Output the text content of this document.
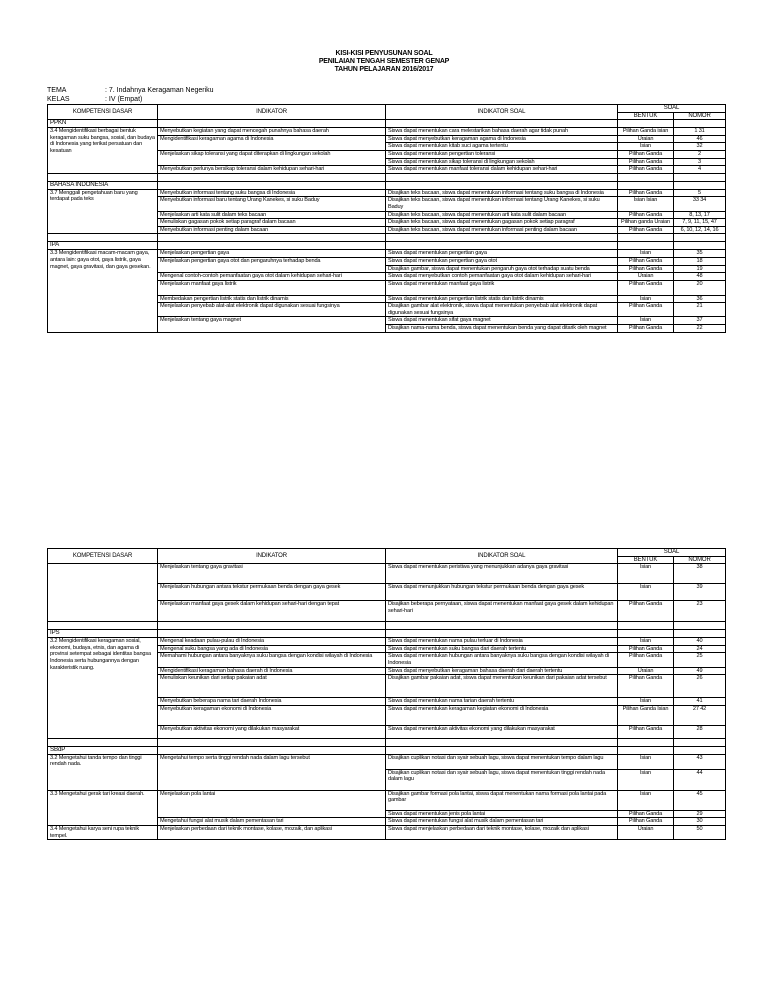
KISI-KISI PENYUSUNAN SOAL
PENILAIAN TENGAH SEMESTER GENAP
TAHUN PELAJARAN 2016/2017
TEMA	: 7. Indahnya Keragaman Negeriku
KELAS	: IV (Empat)
KOMPETENSI DASAR	INDIKATOR	INDIKATOR SOAL	SOAL	
			BENTUK	NOMOR
PPKN				
3.4 Mengidentifikasi berbagai bentuk keragaman suku bangsa, sosial, dan budaya di Indonesia yang terikat persatuan dan kesatuan	Menyebutkan kegiatan yang dapat mencegah punahnya bahasa daerah	Siswa dapat menentukan cara melestarikan bahasa daerah agar tidak punah	Pilihan Ganda isian	1 31
	Mengidentifikasi keragaman agama di Indonesia	Siswa dapat menyebutkan keragaman agama di Indonesia	Uraian	46
		Siswa dapat menentukan kitab suci agama tertentu	Isian	32
	Menjelaskan sikap toleransi yang dapat diterapkan di lingkungan sekolah	Siswa dapat menentukan pengertian toleransi	Pilihan Ganda	2
		Siswa dapat menentukan sikap toleransi di lingkungan sekolah	Pilihan Ganda	3
	Menyebutkan perlunya bersikap toleransi dalam kehidupan sehari-hari	Siswa dapat menentukan manfaat toleransi dalam kehidupan sehari-hari	Pilihan Ganda	4

BAHASA INDONESIA				
3.7 Menggali pengetahuan baru yang terdapat pada teks	Menyebutkan informasi tentang suku bangsa di Indonesia	Disajikan teks bacaan, siswa dapat menentukan informasi tentang suku bangsa di Indonesia	Pilihan Ganda	5
	Menyebutkan informasi baru tentang Urang Kanekes, si suku Baduy	Disajikan teks bacaan, siswa dapat menentukan informasi tentang Urang Kanekes, si suku Baduy	Isian Isian	33 34
	Menjelaskan arti kata sulit dalam teks bacaan	Disajikan teks bacaan, siswa dapat menentukan arti kata sulit dalam bacaan	Pilihan Ganda	8, 13, 17
	Menuliskan gagasan pokok setiap paragraf dalam bacaan	Disajikan teks bacaan, siswa dapat menentukan gagasan pokok setiap paragraf	Pilihan ganda Uraian	7, 9, 11, 15, 47
	Menyebutkan informasi penting dalam bacaan	Disajikan teks bacaan, siswa dapat menentukan informasi penting dalam bacaan	Pilihan Ganda	6, 10, 12, 14, 16

IPA				
3.3 Mengidentifikasi macam-macam gaya, antara lain: gaya otot, gaya listrik, gaya magnet, gaya gravitasi, dan gaya gesekan.	Menjelaskan pengertian gaya	Siswa dapat menentukan pengertian gaya	Isian	35
	Menjelaskan pengertian gaya otot dan pengaruhnya terhadap benda	Siswa dapat menentukan pengertian gaya otot	Pilihan Ganda	18
		Disajikan gambar, siswa dapat menentukan pengaruh gaya otot terhadap suatu benda	Pilihan Ganda	19
	Mengenal contoh-contoh pemanfaatan gaya otot dalam kehidupan sehari-hari	Siswa dapat menyebutkan contoh pemanfaatan gaya otot dalam kehidupan sehari-hari	Uraian	48
	Menjelaskan manfaat gaya listrik	Siswa dapat menentukan manfaat gaya listrik	Pilihan Ganda	20
	Membedakan pengertian listrik statis dan listrik dinamis	Siswa dapat menentukan pengertian listrik statis dan listrik dinamis	Isian	36
	Menjelaskan penyebab alat-alat elektronik dapat digunakan sesuai fungsinya	Disajikan gambar alat elektronik, siswa dapat menentukan penyebab alat elektronik dapat digunakan sesuai fungsinya	Pilihan Ganda	21
	Menjelaskan tentang gaya magnet	Siswa dapat menentukan sifat gaya magnet	Isian	37
		Disajikan nama-nama benda, siswa dapat menentukan benda yang dapat ditarik oleh magnet	Pilihan Ganda	22
KOMPETENSI DASAR	INDIKATOR	INDIKATOR SOAL	SOAL	
			BENTUK	NOMOR
	Menjelaskan tentang gaya gravitasi	Siswa dapat menentukan peristiwa yang menunjukkan adanya gaya gravitasi	Isian	38
	Menjelaskan hubungan antara tekstur permukaan benda dengan gaya gesek	Siswa dapat menunjukkan hubungan tekstur permukaan benda dengan gaya gesek	Isian	39
	Menjelaskan manfaat gaya gesek dalam kehidupan sehari-hari dengan tepat	Disajikan beberapa pernyataan, siswa dapat menentukan manfaat gaya gesek dalam kehidupan sehari-hari	Pilihan Ganda	23

IPS				
3.2 Mengidentifikasi keragaman sosial, ekonomi, budaya, etnis, dan agama di provinsi setempat sebagai identitas bangsa Indonesia serta hubungannya dengan karakteristik ruang.	Mengenal keadaan pulau-pulau di Indonesia	Siswa dapat menentukan nama pulau terluar di Indonesia	Isian	40
	Mengenal suku bangsa yang ada di Indonesia	Siswa dapat menentukan suku bangsa dari daerah tertentu	Pilihan Ganda	24
	Memahami hubungan antara banyaknya suku bangsa dengan kondisi wilayah di Indonesia	Siswa dapat menentukan hubungan antara banyaknya suku bangsa dengan kondisi wilayah di Indonesia	Pilihan Ganda	25
	Mengidentifikasi keragaman bahasa daerah di Indonesia	Siswa dapat menyebutkan keragaman bahasa daerah dari daerah tertentu	Uraian	49
	Menuliskan keunikan dari setiap pakaian adat	Disajikan gambar pakaian adat, siswa dapat menentukan keunikan dari pakaian adat tersebut	Pilihan Ganda	26
	Menyebutkan beberapa nama tari daerah Indonesia	Siswa dapat menentukan nama tarian daerah tertentu	Isian	41
	Menyebutkan keragaman ekonomi di Indonesia	Siswa dapat menentukan keragaman kegiatan ekonomi di Indonesia	Pilihan Ganda Isian	27 42
	Menyebutkan aktivitas ekonomi yang dilakukan masyarakat	Siswa dapat menentukan aktivitas ekonomi yang dilakukan masyarakat	Pilihan Ganda	28

SBdP				
3.2 Mengetahui tanda tempo dan tinggi rendah nada.	Mengetahui tempo serta tinggi rendah nada dalam lagu tersebut	Disajikan cuplikan notasi dan syair sebuah lagu, siswa dapat menentukan tempo dalam lagu	Isian	43
		Disajikan cuplikan notasi dan syair sebuah lagu, siswa dapat menentukan tinggi rendah nada dalam lagu	Isian	44
3.3 Mengetahui gerak tari kreasi daerah.	Menjelaskan pola lantai	Disajikan gambar formasi pola lantai, siswa dapat menentukan nama formasi pola lantai pada gambar	Isian	45
		Siswa dapat menentukan jenis pola lantai	Pilihan Ganda	29
	Mengetahui fungsi alat musik dalam pementasan tari	Siswa dapat menentukan fungsi alat musik dalam pementasan tari	Pilihan Ganda	30
3.4 Mengetahui karya seni rupa teknik tempel.	Menjelaskan perbedaan dari teknik montase, kolase, mozaik, dan aplikasi	Siswa dapat menjelaskan perbedaan dari teknik montase, kolase, mozaik dan aplikasi	Uraian	50
